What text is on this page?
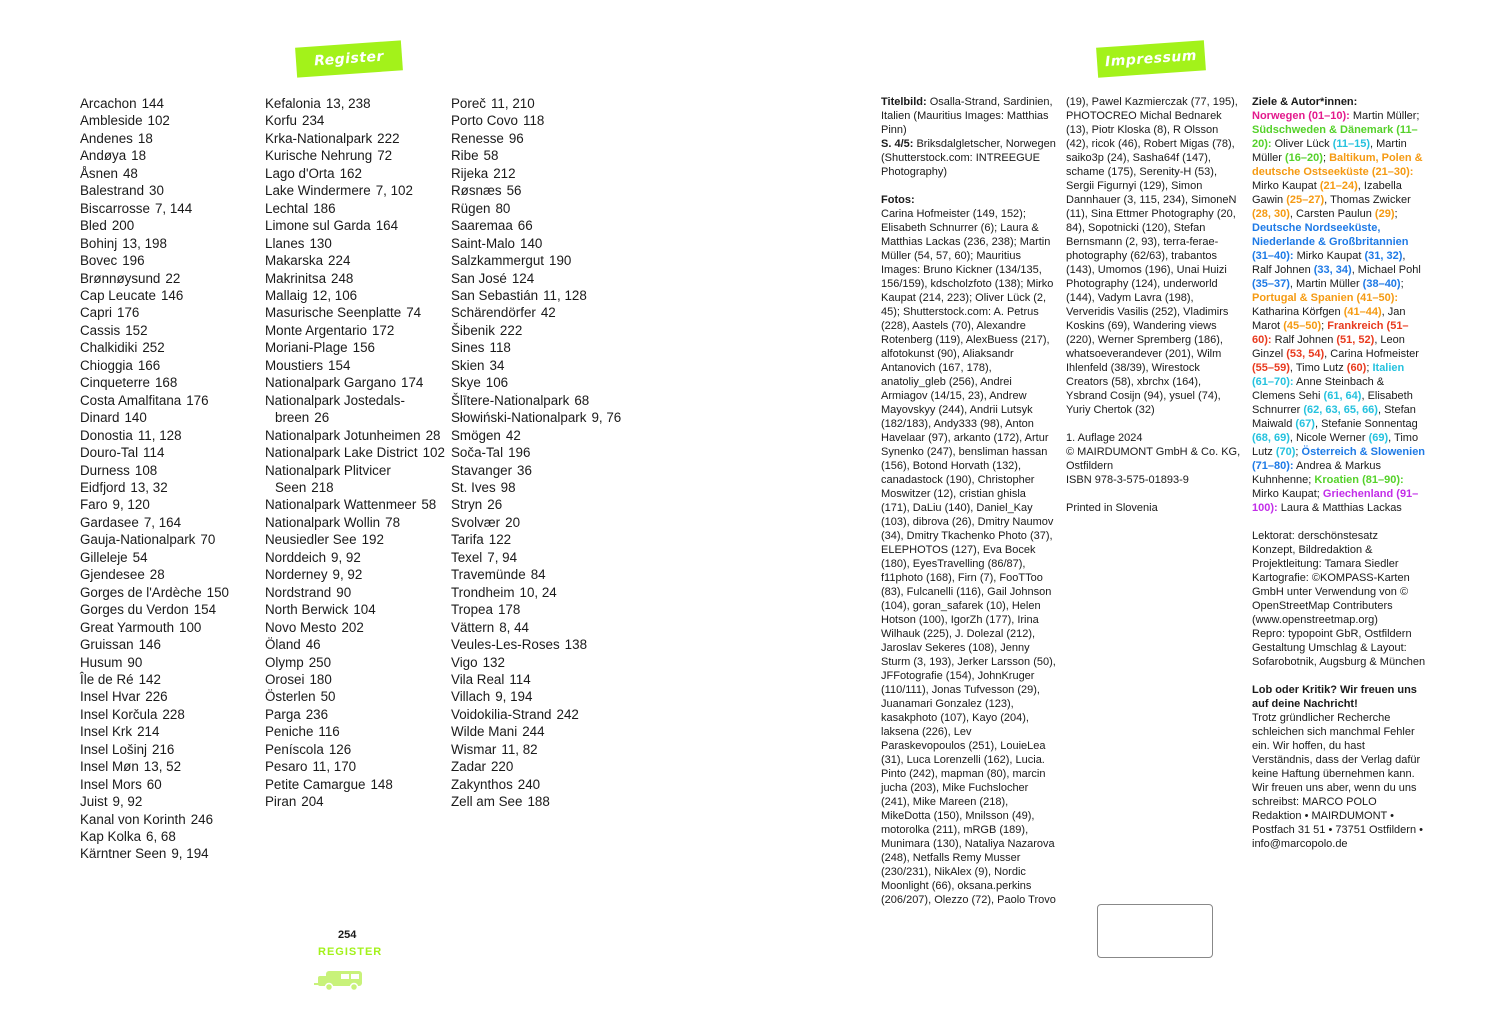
Register	Impressum
Arcachon 144
Ambleside 102
Andenes 18
Andøya 18
Åsnen 48
Balestrand 30
Biscarrosse 7, 144
Bled 200
Bohinj 13, 198
Bovec 196
Brønnøysund 22
Cap Leucate 146
Capri 176
Cassis 152
Chalkidiki 252
Chioggia 166
Cinqueterre 168
Costa Amalfitana 176
Dinard 140
Donostia 11, 128
Douro-Tal 114
Durness 108
Eidfjord 13, 32
Faro 9, 120
Gardasee 7, 164
Gauja-Nationalpark 70
Gilleleje 54
Gjendesee 28
Gorges de l'Ardèche 150
Gorges du Verdon 154
Great Yarmouth 100
Gruissan 146
Husum 90
Île de Ré 142
Insel Hvar 226
Insel Korčula 228
Insel Krk 214
Insel Lošinj 216
Insel Møn 13, 52
Insel Mors 60
Juist 9, 92
Kanal von Korinth 246
Kap Kolka 6, 68
Kärntner Seen 9, 194
Kefalonia 13, 238
Korfu 234
Krka-Nationalpark 222
Kurische Nehrung 72
Lago d'Orta 162
Lake Windermere 7, 102
Lechtal 186
Limone sul Garda 164
Llanes 130
Makarska 224
Makrinitsa 248
Mallaig 12, 106
Masurische Seenplatte 74
Monte Argentario 172
Moriani-Plage 156
Moustiers 154
Nationalpark Gargano 174
Nationalpark Jostedalsbreen 26
Nationalpark Jotunheimen 28
Nationalpark Lake District 102
Nationalpark Plitvicer Seen 218
Nationalpark Wattenmeer 58
Nationalpark Wollin 78
Neusiedler See 192
Norddeich 9, 92
Norderney 9, 92
Nordstrand 90
North Berwick 104
Novo Mesto 202
Öland 46
Olymp 250
Orosei 180
Österlen 50
Parga 236
Peniche 116
Peníscola 126
Pesaro 11, 170
Petite Camargue 148
Piran 204
Poreč 11, 210
Porto Covo 118
Renesse 96
Ribe 58
Rijeka 212
Røsnæs 56
Rügen 80
Saaremaa 66
Saint-Malo 140
Salzkammergut 190
San José 124
San Sebastián 11, 128
Schärendörfer 42
Šibenik 222
Sines 118
Skien 34
Skye 106
Šlītere-Nationalpark 68
Słowiński-Nationalpark 9, 76
Smögen 42
Soča-Tal 196
Stavanger 36
St. Ives 98
Stryn 26
Svolvær 20
Tarifa 122
Texel 7, 94
Travemünde 84
Trondheim 10, 24
Tropea 178
Vättern 8, 44
Veules-Les-Roses 138
Vigo 132
Vila Real 114
Villach 9, 194
Voidokilia-Strand 242
Wilde Mani 244
Wismar 11, 82
Zadar 220
Zakynthos 240
Zell am See 188
254
REGISTER

Titelbild: Osalla-Strand, Sardinien, Italien (Mauritius Images: Matthias Pinn)
S. 4/5: Briksdalgletscher, Norwegen (Shutterstock.com: INTREEGUE Photography)

Fotos:
Carina Hofmeister (149, 152); Elisabeth Schnurrer (6); Laura & Matthias Lackas (236, 238); Martin Müller (54, 57, 60); Mauritius Images: Bruno Kickner (134/135, 156/159), kdscholzfoto (138); Mirko Kaupat (214, 223); Oliver Lück (2, 45); Shutterstock.com: A. Petrus (228), Aastels (70), Alexandre Rotenberg (119), AlexBuess (217), alfotokunst (90), Aliaksandr Antanovich (167, 178), anatoliy_gleb (256), Andrei Armiagov (14/15, 23), Andrew Mayovskyy (244), Andrii Lutsyk (182/183), Andy333 (98), Anton Havelaar (97), arkanto (172), Artur Synenko (247), bensliman hassan (156), Botond Horvath (132), canadastock (190), Christopher Moswitzer (12), cristian ghisla (171), DaLiu (140), Daniel_Kay (103), dibrova (26), Dmitry Naumov (34), Dmitry Tkachenko Photo (37), ELEPHOTOS (127), Eva Bocek (180), EyesTravelling (86/87), f11photo (168), Firn (7), FooTToo (83), Fulcanelli (116), Gail Johnson (104), goran_safarek (10), Helen Hotson (100), IgorZh (177), Irina Wilhauk (225), J. Dolezal (212), Jaroslav Sekeres (108), Jenny Sturm (3, 193), Jerker Larsson (50), JFFotografie (154), JohnKruger (110/111), Jonas Tufvesson (29), Juanamari Gonzalez (123), kasakphoto (107), Kayo (204), laksena (226), Lev Paraskevopoulos (251), LouieLea (31), Luca Lorenzelli (162), Lucia. Pinto (242), mapman (80), marcin jucha (203), Mike Fuchslocher (241), Mike Mareen (218), MikeDotta (150), Mnilsson (49), motorolka (211), mRGB (189), Munimara (130), Nataliya Nazarova (248), Netfalls Remy Musser (230/231), NikAlex (9), Nordic Moonlight (66), oksana.perkins (206/207), Olezzo (72), Paolo Trovo

(19), Pawel Kazmierczak (77, 195), PHOTOCREO Michal Bednarek (13), Piotr Kloska (8), R Olsson (42), ricok (46), Robert Migas (78), saiko3p (24), Sasha64f (147), schame (175), Serenity-H (53), Sergii Figurnyi (129), Simon Dannhauer (3, 115, 234), SimoneN (11), Sina Ettmer Photography (20, 84), Sopotnicki (120), Stefan Bernsmann (2, 93), terra-ferae-photography (62/63), trabantos (143), Umomos (196), Unai Huizi Photography (124), underworld (144), Vadym Lavra (198), Ververidis Vasilis (252), Vladimirs Koskins (69), Wandering views (220), Werner Spremberg (186), whatsoeverandever (201), Wilm Ihlenfeld (38/39), Wirestock Creators (58), xbrchx (164), Ysbrand Cosijn (94), ysuel (74), Yuriy Chertok (32)

1. Auflage 2024
© MAIRDUMONT GmbH & Co. KG, Ostfildern
ISBN 978-3-575-01893-9

Printed in Slovenia

Ziele & Autor*innen:
Norwegen (01–10): Martin Müller; Südschweden & Dänemark (11–20): Oliver Lück (11–15), Martin Müller (16–20); Baltikum, Polen & deutsche Ostseeküste (21–30): Mirko Kaupat (21–24), Izabella Gawin (25–27), Thomas Zwicker (28, 30), Carsten Paulun (29); Deutsche Nordseeküste, Niederlande & Großbritannien (31–40): Mirko Kaupat (31, 32), Ralf Johnen (33, 34), Michael Pohl (35–37), Martin Müller (38–40); Portugal & Spanien (41–50): Katharina Körfgen (41–44), Jan Marot (45–50); Frankreich (51–60): Ralf Johnen (51, 52), Leon Ginzel (53, 54), Carina Hofmeister (55–59), Timo Lutz (60); Italien (61–70): Anne Steinbach & Clemens Sehi (61, 64), Elisabeth Schnurrer (62, 63, 65, 66), Stefan Maiwald (67), Stefanie Sonnentag (68, 69), Nicole Werner (69), Timo Lutz (70); Österreich & Slowenien (71–80): Andrea & Markus Kuhnhenne; Kroatien (81–90): Mirko Kaupat; Griechenland (91–100): Laura & Matthias Lackas

Lektorat: derschönstesatz
Konzept, Bildredaktion & Projektleitung: Tamara Siedler
Kartografie: ©KOMPASS-Karten GmbH unter Verwendung von © OpenStreetMap Contributers (www.openstreetmap.org)
Repro: typopoint GbR, Ostfildern
Gestaltung Umschlag & Layout: Sofarobotnik, Augsburg & München

Lob oder Kritik? Wir freuen uns auf deine Nachricht!
Trotz gründlicher Recherche schleichen sich manchmal Fehler ein. Wir hoffen, du hast Verständnis, dass der Verlag dafür keine Haftung übernehmen kann. Wir freuen uns aber, wenn du uns schreibst: MARCO POLO Redaktion • MAIRDUMONT • Postfach 31 51 • 73751 Ostfildern • info@marcopolo.de
